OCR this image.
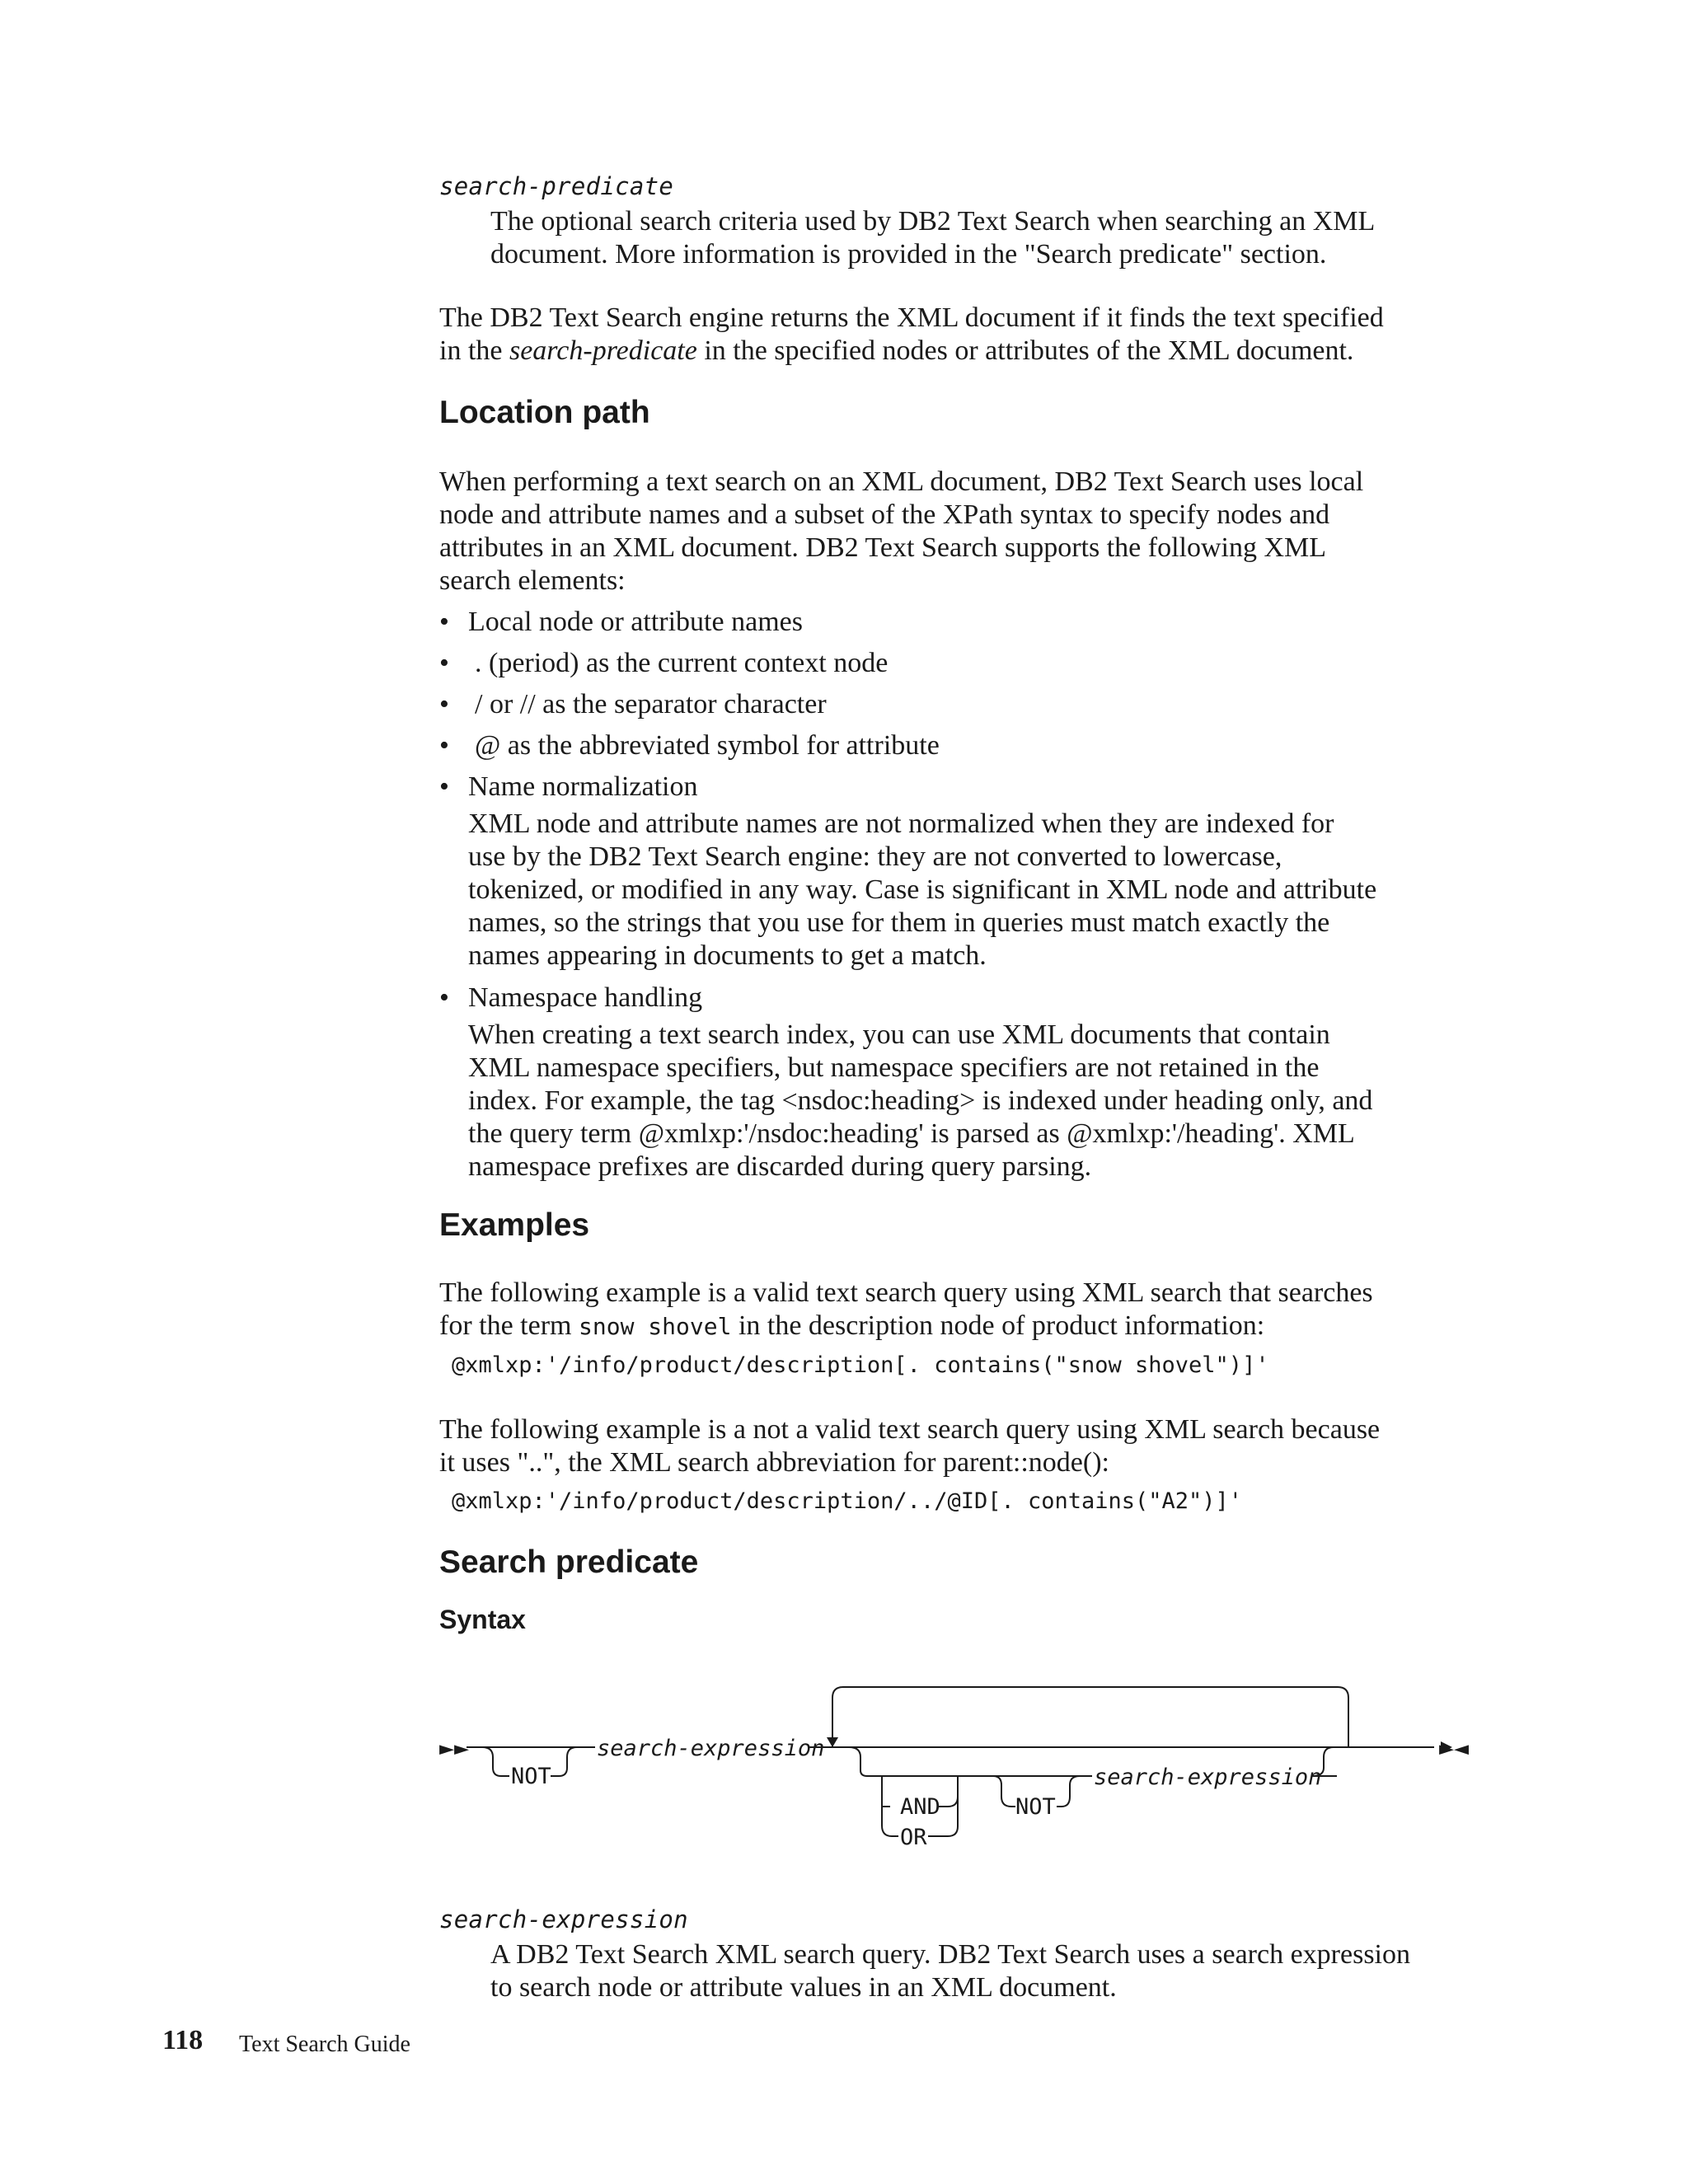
search-predicate
The optional search criteria used by DB2 Text Search when searching an XML
document. More information is provided in the "Search predicate" section.
The DB2 Text Search engine returns the XML document if it finds the text specified
in the search-predicate in the specified nodes or attributes of the XML document.
Location path
When performing a text search on an XML document, DB2 Text Search uses local
node and attribute names and a subset of the XPath syntax to specify nodes and
attributes in an XML document. DB2 Text Search supports the following XML
search elements:
• Local node or attribute names
• . (period) as the current context node
• / or // as the separator character
• @ as the abbreviated symbol for attribute
• Name normalization
XML node and attribute names are not normalized when they are indexed for
use by the DB2 Text Search engine: they are not converted to lowercase,
tokenized, or modified in any way. Case is significant in XML node and attribute
names, so the strings that you use for them in queries must match exactly the
names appearing in documents to get a match.
• Namespace handling
When creating a text search index, you can use XML documents that contain
XML namespace specifiers, but namespace specifiers are not retained in the
index. For example, the tag <nsdoc:heading> is indexed under heading only, and
the query term @xmlxp:'/nsdoc:heading' is parsed as @xmlxp:'/heading'. XML
namespace prefixes are discarded during query parsing.
Examples
The following example is a valid text search query using XML search that searches
for the term snow shovel in the description node of product information:
@xmlxp:'/info/product/description[. contains("snow shovel")]'
The following example is a not a valid text search query using XML search because
it uses "..", the XML search abbreviation for parent::node():
@xmlxp:'/info/product/description/../@ID[. contains("A2")]'
Search predicate
Syntax
►►	►◄
NOT
search-expression
AND
OR
NOT
search-expression
search-expression
A DB2 Text Search XML search query. DB2 Text Search uses a search expression
to search node or attribute values in an XML document.
118 Text Search Guide
